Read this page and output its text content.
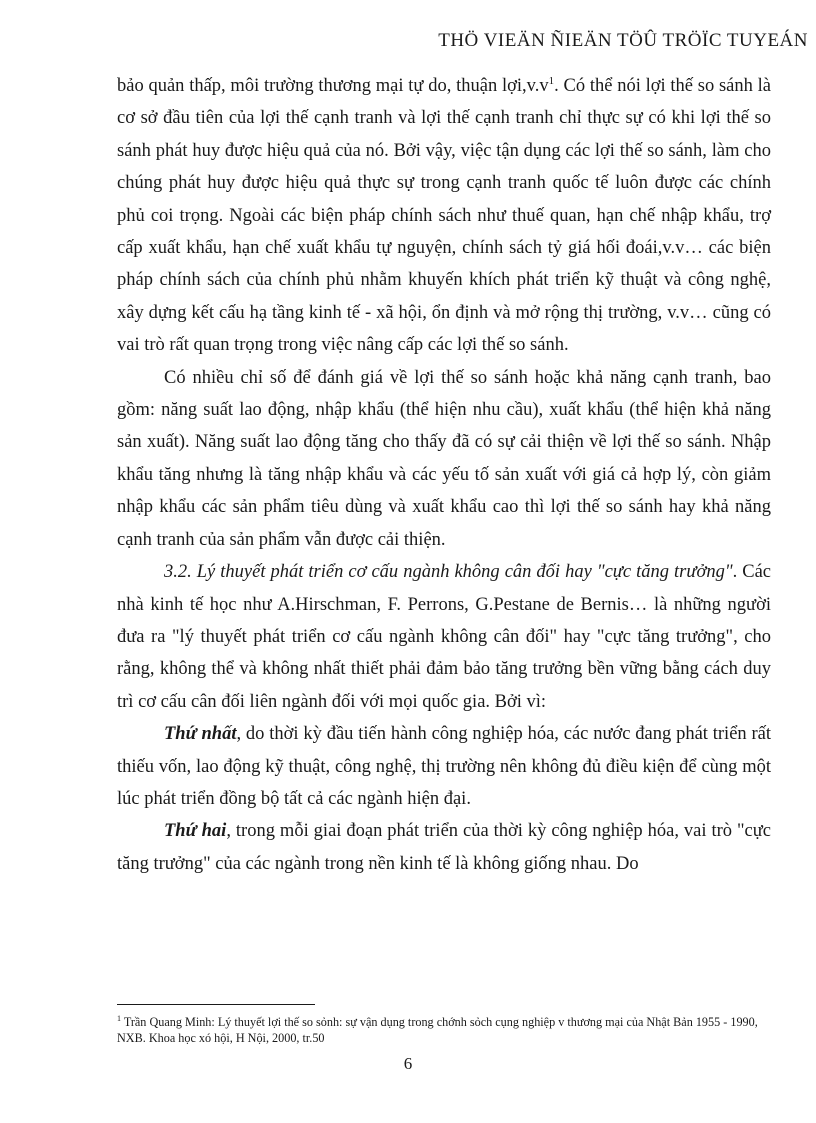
THÖ VIEÄN ÑIEÄN TÖÛ TRÖÏC TUYEÁN

bảo quản thấp, môi trường thương mại tự do, thuận $lợi,v.v^1$. Có thể nói lợi thế so sánh là cơ sở đầu tiên của lợi thế cạnh tranh và lợi thế cạnh tranh chỉ thực sự có khi lợi thế so sánh phát huy được hiệu quả của nó. Bởi vậy, việc tận dụng các lợi thế so sánh, làm cho chúng phát huy được hiệu quả thực sự trong cạnh tranh quốc tế luôn được các chính phủ coi trọng. Ngoài các biện pháp chính sách như thuế quan, hạn chế nhập khẩu, trợ cấp xuất khẩu, hạn chế xuất khẩu tự nguyện, chính sách tỷ giá hối đoái,v.v… các biện pháp chính sách của chính phủ nhằm khuyến khích phát triển kỹ thuật và công nghệ, xây dựng kết cấu hạ tầng kinh tế - xã hội, ổn định và mở rộng thị trường, v.v… cũng có vai trò rất quan trọng trong việc nâng cấp các lợi thế so sánh.

Có nhiều chỉ số để đánh giá về lợi thế so sánh hoặc khả năng cạnh tranh, bao gồm: năng suất lao động, nhập khẩu (thể hiện nhu cầu), xuất khẩu (thể hiện khả năng sản xuất). Năng suất lao động tăng cho thấy đã có sự cải thiện về lợi thế so sánh. Nhập khẩu tăng nhưng là tăng nhập khẩu và các yếu tố sản xuất với giá cả hợp lý, còn giảm nhập khẩu các sản phẩm tiêu dùng và xuất khẩu cao thì lợi thế so sánh hay khả năng cạnh tranh của sản phẩm vẫn được cải thiện.

3.2. Lý thuyết phát triển cơ cấu ngành không cân đối hay "cực tăng trưởng". Các nhà kinh tế học như A.Hirschman, F. Perrons, G.Pestane de Bernis… là những người đưa ra "lý thuyết phát triển cơ cấu ngành không cân đối" hay "cực tăng trưởng", cho rằng, không thể và không nhất thiết phải đảm bảo tăng trưởng bền vững bằng cách duy trì cơ cấu cân đối liên ngành đối với mọi quốc gia. Bởi vì:

Thứ nhất, do thời kỳ đầu tiến hành công nghiệp hóa, các nước đang phát triển rất thiếu vốn, lao động kỹ thuật, công nghệ, thị trường nên không đủ điều kiện để cùng một lúc phát triển đồng bộ tất cả các ngành hiện đại.

Thứ hai, trong mỗi giai đoạn phát triển của thời kỳ công nghiệp hóa, vai trò "cực tăng trưởng" của các ngành trong nền kinh tế là không giống nhau. Do

$^1$ Trần Quang Minh: Lý thuyết lợi thế so sỏnh: sự vận dụng trong chớnh sỏch cụng nghiệp v thương mại của Nhật Bản 1955 - 1990, NXB. Khoa học xó hội, H Nội, 2000, tr.50
6
